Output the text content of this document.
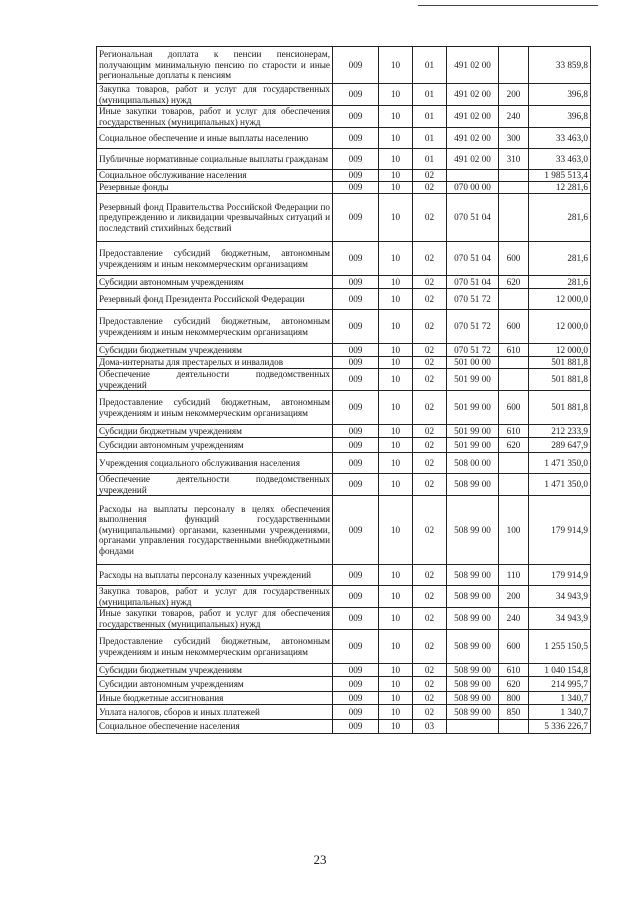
Региональная доплата к пенсии пенсионерам, получающим минимальную пенсию по старости и иные региональные доплаты к пенсиям	009	10	01	491 02 00		33 859,8
Закупка товаров, работ и услуг для государственных (муниципальных) нужд	009	10	01	491 02 00	200	396,8
Иные закупки товаров, работ и услуг для обеспечения государственных (муниципальных) нужд	009	10	01	491 02 00	240	396,8
Социальное обеспечение и иные выплаты населению	009	10	01	491 02 00	300	33 463,0
Публичные нормативные социальные выплаты гражданам	009	10	01	491 02 00	310	33 463,0
Социальное обслуживание населения	009	10	02			1 985 513,4
Резервные фонды	009	10	02	070 00 00		12 281,6
Резервный фонд Правительства Российской Федерации по предупреждению и ликвидации чрезвычайных ситуаций и последствий стихийных бедствий	009	10	02	070 51 04		281,6
Предоставление субсидий бюджетным, автономным учреждениям и иным некоммерческим организациям	009	10	02	070 51 04	600	281,6
Субсидии автономным учреждениям	009	10	02	070 51 04	620	281,6
Резервный фонд Президента Российской Федерации	009	10	02	070 51 72		12 000,0
Предоставление субсидий бюджетным, автономным учреждениям и иным некоммерческим организациям	009	10	02	070 51 72	600	12 000,0
Субсидии бюджетным учреждениям	009	10	02	070 51 72	610	12 000,0
Дома-интернаты для престарелых и инвалидов	009	10	02	501 00 00		501 881,8
Обеспечение деятельности подведомственных учреждений	009	10	02	501 99 00		501 881,8
Предоставление субсидий бюджетным, автономным учреждениям и иным некоммерческим организациям	009	10	02	501 99 00	600	501 881,8
Субсидии бюджетным учреждениям	009	10	02	501 99 00	610	212 233,9
Субсидии автономным учреждениям	009	10	02	501 99 00	620	289 647,9
Учреждения социального обслуживания населения	009	10	02	508 00 00		1 471 350,0
Обеспечение деятельности подведомственных учреждений	009	10	02	508 99 00		1 471 350,0
Расходы на выплаты персоналу в целях обеспечения выполнения функций государственными (муниципальными) органами, казенными учреждениями, органами управления государственными внебюджетными фондами	009	10	02	508 99 00	100	179 914,9
Расходы на выплаты персоналу казенных учреждений	009	10	02	508 99 00	110	179 914,9
Закупка товаров, работ и услуг для государственных (муниципальных) нужд	009	10	02	508 99 00	200	34 943,9
Иные закупки товаров, работ и услуг для обеспечения государственных (муниципальных) нужд	009	10	02	508 99 00	240	34 943,9
Предоставление субсидий бюджетным, автономным учреждениям и иным некоммерческим организациям	009	10	02	508 99 00	600	1 255 150,5
Субсидии бюджетным учреждениям	009	10	02	508 99 00	610	1 040 154,8
Субсидии автономным учреждениям	009	10	02	508 99 00	620	214 995,7
Иные бюджетные ассигнования	009	10	02	508 99 00	800	1 340,7
Уплата налогов, сборов и иных платежей	009	10	02	508 99 00	850	1 340,7
Социальное обеспечение населения	009	10	03			5 336 226,7
23
